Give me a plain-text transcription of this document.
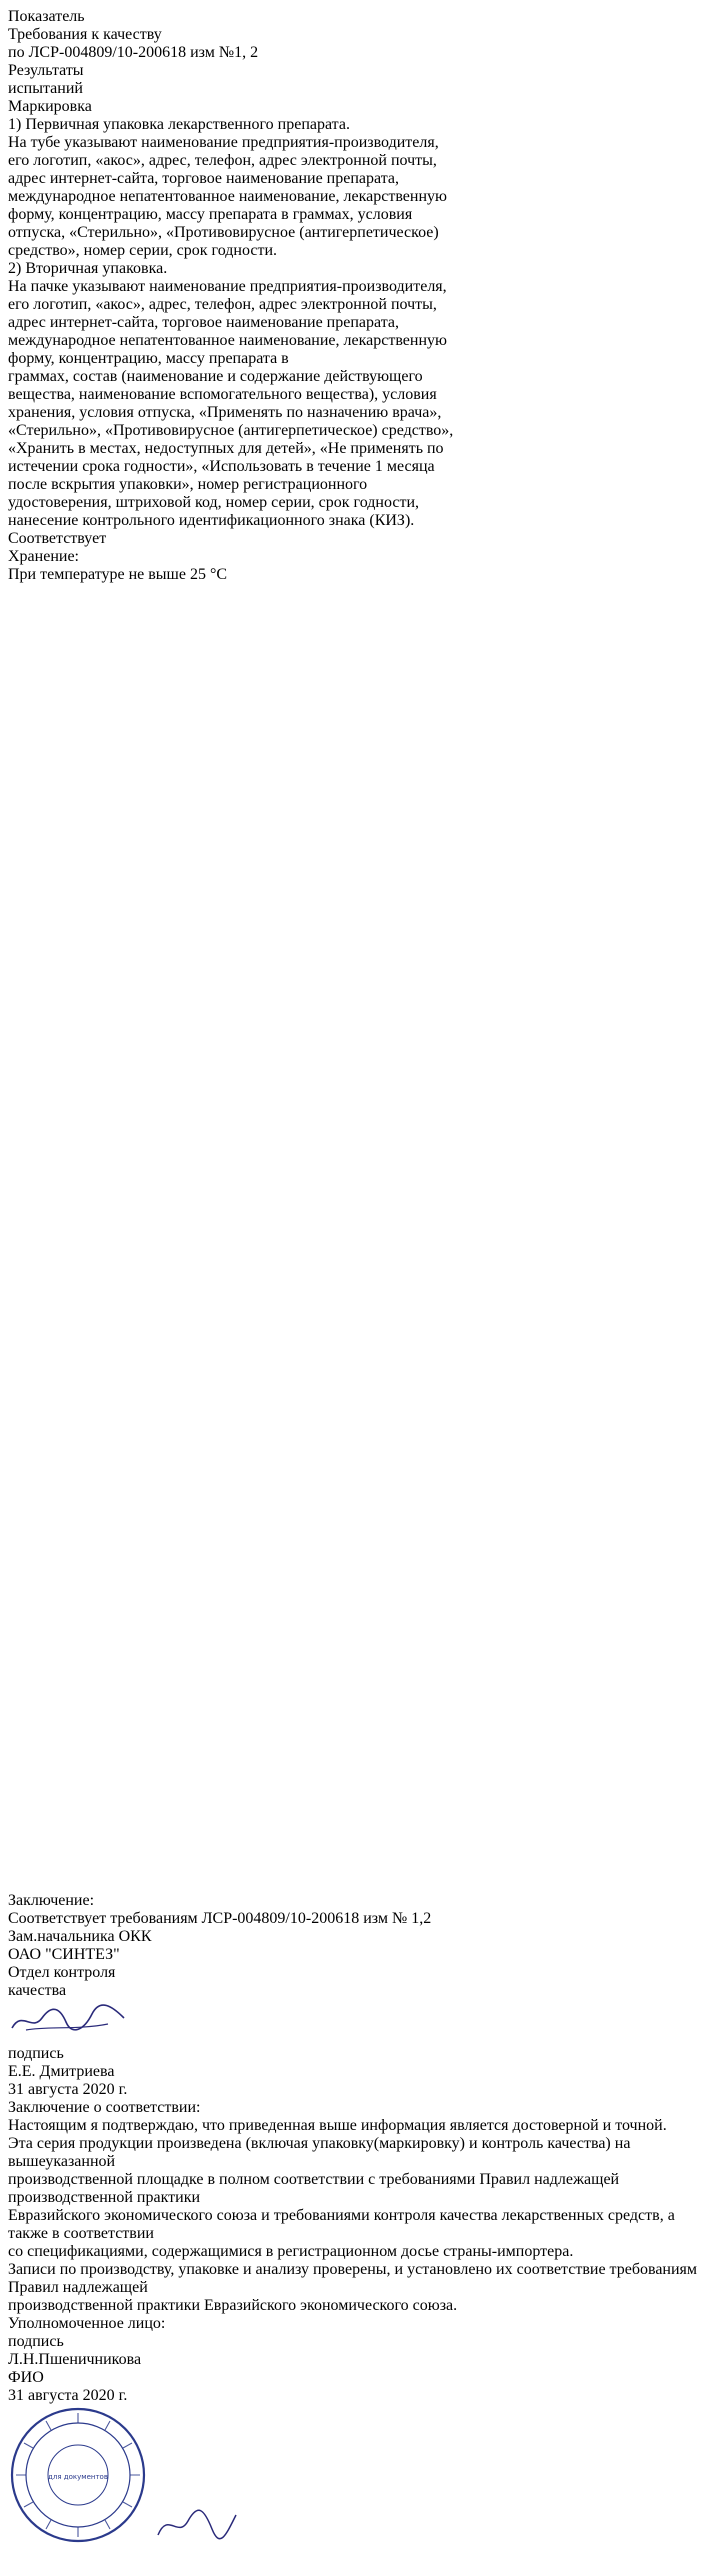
Показатель
Требования к качеству
по ЛСР-004809/10-200618 изм №1, 2
Результаты
испытаний
Маркировка
1) Первичная упаковка лекарственного препарата.
На тубе указывают наименование предприятия-производителя,
его логотип, «акос», адрес, телефон, адрес электронной почты,
адрес интернет-сайта, торговое наименование препарата,
международное непатентованное наименование, лекарственную
форму, концентрацию, массу препарата в граммах, условия
отпуска, «Стерильно», «Противовирусное (антигерпетическое)
средство», номер серии, срок годности.
2) Вторичная упаковка.
На пачке указывают наименование предприятия-производителя,
его логотип, «акос», адрес, телефон, адрес электронной почты,
адрес интернет-сайта, торговое наименование препарата,
международное непатентованное наименование, лекарственную
форму, концентрацию, массу препарата в
граммах, состав (наименование и содержание действующего
вещества, наименование вспомогательного вещества), условия
хранения, условия отпуска, «Применять по назначению врача»,
«Стерильно», «Противовирусное (антигерпетическое) средство»,
«Хранить в местах, недоступных для детей», «Не применять по
истечении срока годности», «Использовать в течение 1 месяца
после вскрытия упаковки», номер регистрационного
удостоверения, штриховой код, номер серии, срок годности,
нанесение контрольного идентификационного знака (КИЗ).
Соответствует
Хранение:
При температуре не выше 25 °С
Заключение:
Соответствует требованиям ЛСР-004809/10-200618 изм № 1,2
Зам.начальника ОКК
ОАО "СИНТЕЗ"
Отдел контроля
качества
подпись
Е.Е. Дмитриева
31 августа 2020 г.
Заключение о соответствии:
Настоящим я подтверждаю, что приведенная выше информация является достоверной и точной.
Эта серия продукции произведена (включая упаковку(маркировку) и контроль качества) на вышеуказанной
производственной площадке в полном соответствии с требованиями Правил надлежащей производственной практики
Евразийского экономического союза и требованиями контроля качества лекарственных средств, а также в соответствии
со спецификациями, содержащимися в регистрационном досье страны-импортера.
Записи по производству, упаковке и анализу проверены, и установлено их соответствие требованиям Правил надлежащей
производственной практики Евразийского экономического союза.
Уполномоченное лицо:
подпись
Л.Н.Пшеничникова
ФИО
31 августа 2020 г.
для документов
